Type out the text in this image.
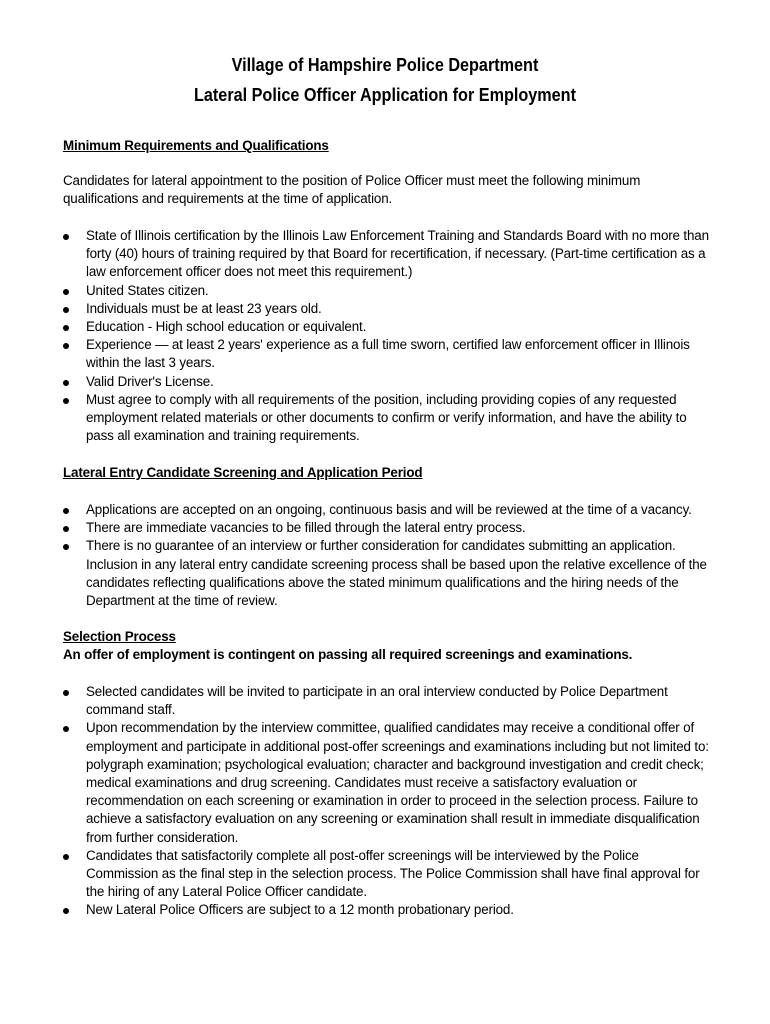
Village of Hampshire Police Department
Lateral Police Officer Application for Employment
Minimum Requirements and Qualifications
Candidates for lateral appointment to the position of Police Officer must meet the following minimum qualifications and requirements at the time of application.
State of Illinois certification by the Illinois Law Enforcement Training and Standards Board with no more than forty (40) hours of training required by that Board for recertification, if necessary. (Part-time certification as a law enforcement officer does not meet this requirement.)
United States citizen.
Individuals must be at least 23 years old.
Education - High school education or equivalent.
Experience — at least 2 years' experience as a full time sworn, certified law enforcement officer in Illinois within the last 3 years.
Valid Driver's License.
Must agree to comply with all requirements of the position, including providing copies of any requested employment related materials or other documents to confirm or verify information, and have the ability to pass all examination and training requirements.
Lateral Entry Candidate Screening and Application Period
Applications are accepted on an ongoing, continuous basis and will be reviewed at the time of a vacancy.
There are immediate vacancies to be filled through the lateral entry process.
There is no guarantee of an interview or further consideration for candidates submitting an application. Inclusion in any lateral entry candidate screening process shall be based upon the relative excellence of the candidates reflecting qualifications above the stated minimum qualifications and the hiring needs of the Department at the time of review.
Selection Process
An offer of employment is contingent on passing all required screenings and examinations.
Selected candidates will be invited to participate in an oral interview conducted by Police Department command staff.
Upon recommendation by the interview committee, qualified candidates may receive a conditional offer of employment and participate in additional post-offer screenings and examinations including but not limited to: polygraph examination; psychological evaluation; character and background investigation and credit check; medical examinations and drug screening. Candidates must receive a satisfactory evaluation or recommendation on each screening or examination in order to proceed in the selection process. Failure to achieve a satisfactory evaluation on any screening or examination shall result in immediate disqualification from further consideration.
Candidates that satisfactorily complete all post-offer screenings will be interviewed by the Police Commission as the final step in the selection process. The Police Commission shall have final approval for the hiring of any Lateral Police Officer candidate.
New Lateral Police Officers are subject to a 12 month probationary period.
